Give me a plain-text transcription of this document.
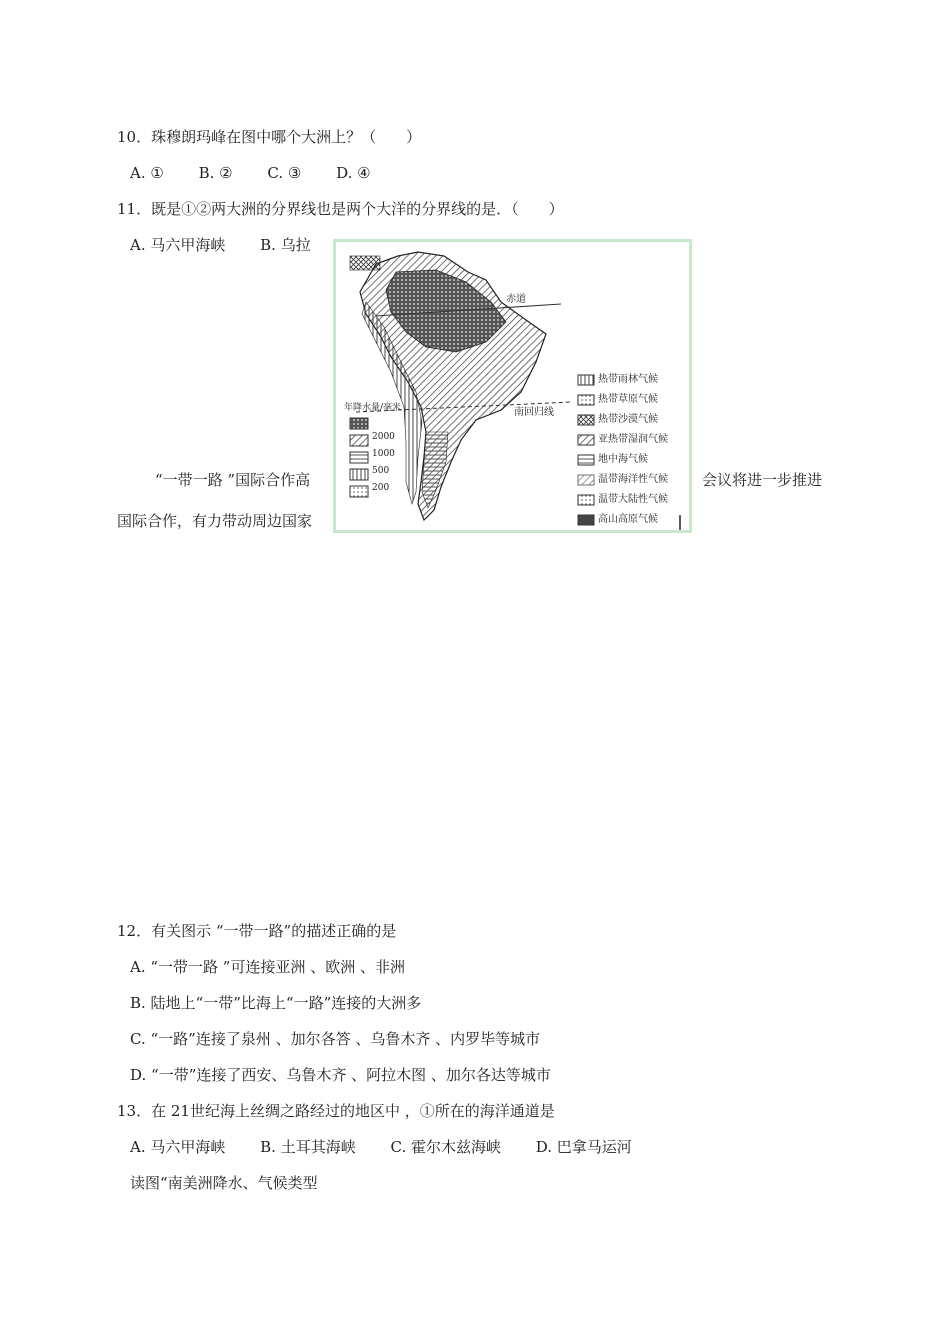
10．珠穆朗玛峰在图中哪个大洲上？（　　）
A. ① B. ② C. ③ D. ④
11．既是①②两大洲的分界线也是两个大洋的分界线的是．（　　）
A. 马六甲海峡 B. 乌拉
“一带一路 ”国际合作高	会议将进一步推进
国际合作，有力带动周边国家
赤道
南回归线
年降水量/毫米
2000
1000
500
200
热带雨林气候
热带草原气候
热带沙漠气候
亚热带湿润气候
地中海气候
温带海洋性气候
温带大陆性气候
高山高原气候
12．有关图示 “一带一路”的描述正确的是
A. “一带一路 ”可连接亚洲 、欧洲 、非洲
B. 陆地上“一带”比海上“一路”连接的大洲多
C. “一路”连接了泉州 、加尔各答 、乌鲁木齐 、内罗毕等城市
D. “一带”连接了西安、乌鲁木齐 、阿拉木图 、加尔各达等城市
13．在 21世纪海上丝绸之路经过的地区中 ，①所在的海洋通道是
A. 马六甲海峡 B. 土耳其海峡 C. 霍尔木兹海峡 D. 巴拿马运河
读图“南美洲降水、气候类型
